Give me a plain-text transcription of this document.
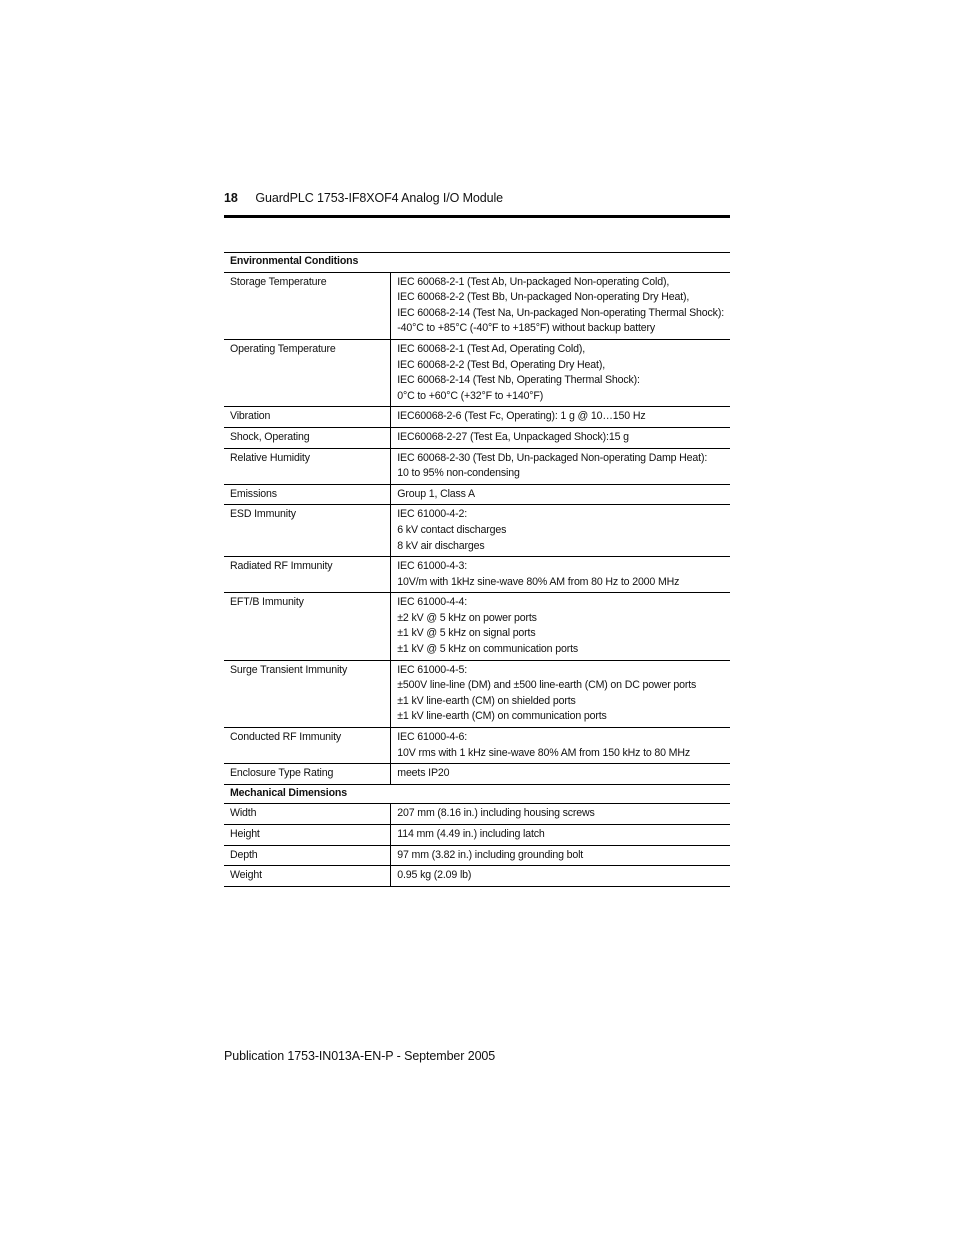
18 GuardPLC 1753-IF8XOF4 Analog I/O Module
Environmental Conditions	
Storage Temperature	IEC 60068-2-1 (Test Ab, Un-packaged Non-operating Cold),
IEC 60068-2-2 (Test Bb, Un-packaged Non-operating Dry Heat),
IEC 60068-2-14 (Test Na, Un-packaged Non-operating Thermal Shock):
-40°C to +85°C (-40°F to +185°F) without backup battery

Operating Temperature	IEC 60068-2-1 (Test Ad, Operating Cold),
IEC 60068-2-2 (Test Bd, Operating Dry Heat),
IEC 60068-2-14 (Test Nb, Operating Thermal Shock):
0°C to +60°C (+32°F to +140°F)

Vibration	IEC60068-2-6 (Test Fc, Operating): 1 g @ 10…150 Hz

Shock, Operating	IEC60068-2-27 (Test Ea, Unpackaged Shock):15 g

Relative Humidity	IEC 60068-2-30 (Test Db, Un-packaged Non-operating Damp Heat):
10 to 95% non-condensing

Emissions	Group 1, Class A

ESD Immunity	IEC 61000-4-2:
6 kV contact discharges
8 kV air discharges

Radiated RF Immunity	IEC 61000-4-3:
10V/m with 1kHz sine-wave 80% AM from 80 Hz to 2000 MHz

EFT/B Immunity	IEC 61000-4-4:
±2 kV @ 5 kHz on power ports
±1 kV @ 5 kHz on signal ports
±1 kV @ 5 kHz on communication ports

Surge Transient Immunity	IEC 61000-4-5:
±500V line-line (DM) and ±500 line-earth (CM) on DC power ports
±1 kV line-earth (CM) on shielded ports
±1 kV line-earth (CM) on communication ports

Conducted RF Immunity	IEC 61000-4-6:
10V rms with 1 kHz sine-wave 80% AM from 150 kHz to 80 MHz

Enclosure Type Rating	meets IP20

Mechanical Dimensions	
Width	207 mm (8.16 in.) including housing screws

Height	114 mm (4.49 in.) including latch

Depth	97 mm (3.82 in.) including grounding bolt

Weight	0.95 kg (2.09 lb)
Publication 1753-IN013A-EN-P - September 2005
